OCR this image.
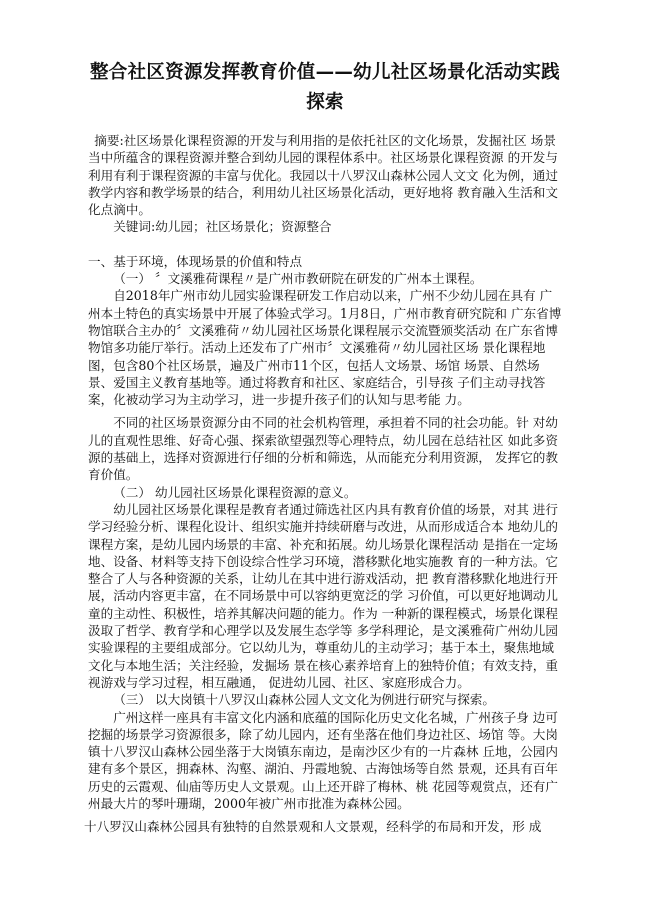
整合社区资源发挥教育价值——幼儿社区场景化活动实践探索

摘要:社区场景化课程资源的开发与利用指的是依托社区的文化场景，发掘社区 场景当中所蕴含的课程资源并整合到幼儿园的课程体系中。社区场景化课程资源 的开发与利用有利于课程资源的丰富与优化。我园以十八罗汉山森林公园人文文 化为例，通过教学内容和教学场景的结合，利用幼儿社区场景化活动，更好地将 教育融入生活和文化点滴中。

关键词:幼儿园；社区场景化；资源整合

一、基于环境，体现场景的价值和特点

（一） 〞文溪雅荷课程〃是广州市教研院在研发的广州本土课程。

自2018年广州市幼儿园实验课程研发工作启动以来，广州不少幼儿园在具有 广州本土特色的真实场景中开展了体验式学习。1月8日，广州市教育研究院和 广东省博物馆联合主办的〞文溪雅荷〃幼儿园社区场景化课程展示交流暨颁奖活动 在广东省博物馆多功能厅举行。活动上还发布了广州市〞文溪雅荷〃幼儿园社区场 景化课程地图，包含80个社区场景，遍及广州市11个区，包括人文场景、场馆 场景、自然场景、爱国主义教育基地等。通过将教育和社区、家庭结合，引导孩 子们主动寻找答案，化被动学习为主动学习，进一步提升孩子们的认知与思考能 力。

不同的社区场景资源分由不同的社会机构管理，承担着不同的社会功能。针 对幼儿的直观性思维、好奇心强、探索欲望强烈等心理特点，幼儿园在总结社区 如此多资源的基础上，选择对资源进行仔细的分析和筛选，从而能充分利用资源， 发挥它的教育价值。

（二） 幼儿园社区场景化课程资源的意义。

幼儿园社区场景化课程是教育者通过筛选社区内具有教育价值的场景，对其 进行学习经验分析、课程化设计、组织实施并持续研磨与改进，从而形成适合本 地幼儿的课程方案，是幼儿园内场景的丰富、补充和拓展。幼儿场景化课程活动 是指在一定场地、设备、材料等支持下创设综合性学习环境，潜移默化地实施教 育的一种方法。它整合了人与各种资源的关系，让幼儿在其中进行游戏活动，把 教育潜移默化地进行开展，活动内容更丰富，在不同场景中可以容纳更宽泛的学 习价值，可以更好地调动儿童的主动性、积极性，培养其解决问题的能力。作为 一种新的课程模式，场景化课程汲取了哲学、教育学和心理学以及发展生态学等 多学科理论，是文溪雅荷广州幼儿园实验课程的主要组成部分。它以幼儿为，尊重幼儿的主动学习；基于本土，聚焦地域文化与本地生活；关注经验，发掘场 景在核心素养培育上的独特价值；有效支持，重视游戏与学习过程，相互融通， 促进幼儿园、社区、家庭形成合力。

（三） 以大岗镇十八罗汉山森林公园人文文化为例进行研究与探索。

广州这样一座具有丰富文化内涵和底蕴的国际化历史文化名城，广州孩子身 边可挖掘的场景学习资源很多，除了幼儿园内，还有坐落在他们身边社区、场馆 等。大岗镇十八罗汉山森林公园坐落于大岗镇东南边，是南沙区少有的一片森林 丘地，公园内建有多个景区，拥森林、沟壑、湖泊、丹霞地貌、古海蚀场等自然 景观，还具有百年历史的云霞观、仙庙等历史人文景观。山上还开辟了梅林、桃 花园等观赏点，还有广州最大片的琴叶珊瑚，2000年被广州市批准为森林公园。

十八罗汉山森林公园具有独特的自然景观和人文景观，经科学的布局和开发，形 成
